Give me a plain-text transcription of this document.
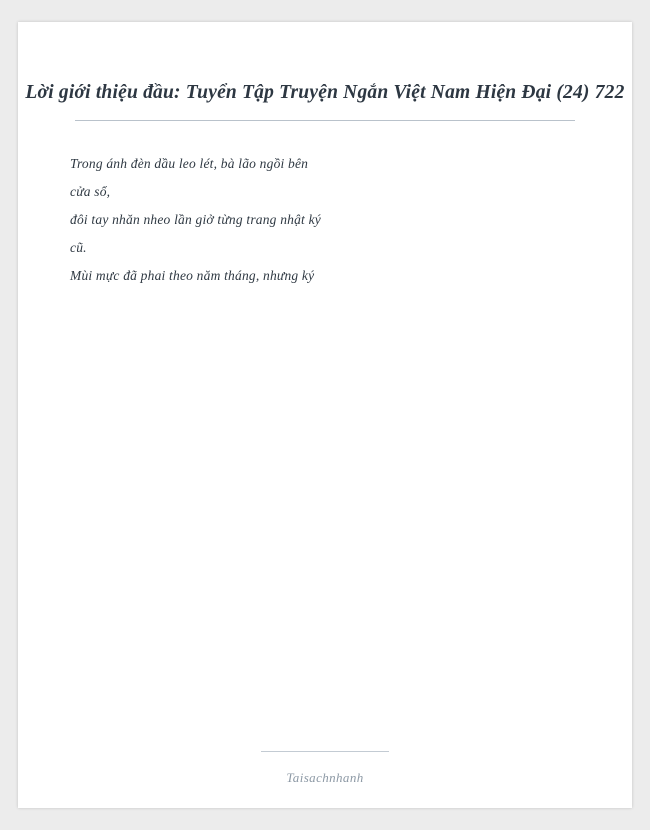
Lời giới thiệu đầu: Tuyển Tập Truyện Ngắn Việt Nam Hiện Đại (24) 722
Trong ánh đèn dầu leo lét, bà lão ngồi bên
cửa sổ,
đôi tay nhăn nheo lần giở từng trang nhật ký
cũ.
Mùi mực đã phai theo năm tháng, nhưng ký
Taisachnhanh
